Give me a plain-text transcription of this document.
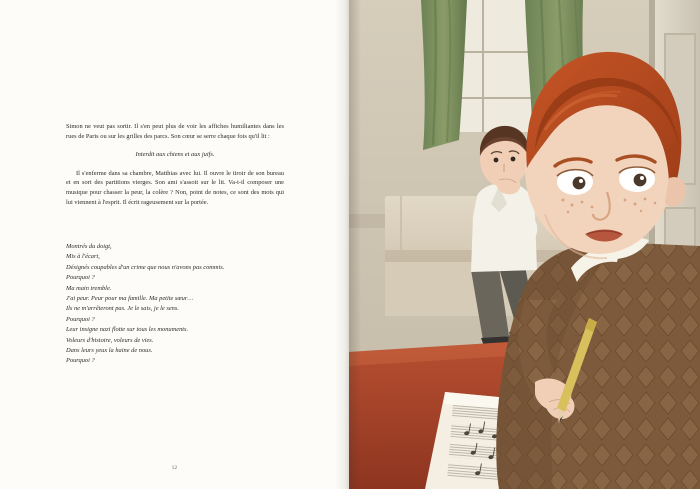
Simon ne veut pas sortir. Il s'en peut plus de voir les affiches humiliantes dans les rues de Paris ou sur les grilles des parcs. Son cœur se serre chaque fois qu'il lit :

Interdit aux chiens et aux juifs.

Il s'enferme dans sa chambre, Matthias avec lui. Il ouvre le tiroir de son bureau et en sort des partitions vierges. Son ami s'assoit sur le lit. Va-t-il composer une musique pour chasser la peur, la colère ? Non, point de notes, ce sont des mots qui lui viennent à l'esprit. Il écrit rageusement sur la portée.

Montrés du doigt,
Mis à l'écart,
Désignés coupables d'un crime que nous n'avons pas commis.
Pourquoi ?
Ma main tremble.
J'ai peur. Peur pour ma famille. Ma petite sœur…
Ils ne m'arrêteront pas. Je le sais, je le sens.
Pourquoi ?
Leur insigne nazi flotte sur tous les monuments.
Voleurs d'histoire, voleurs de vies.
Dans leurs yeux la haine de nous.
Pourquoi ?
12
